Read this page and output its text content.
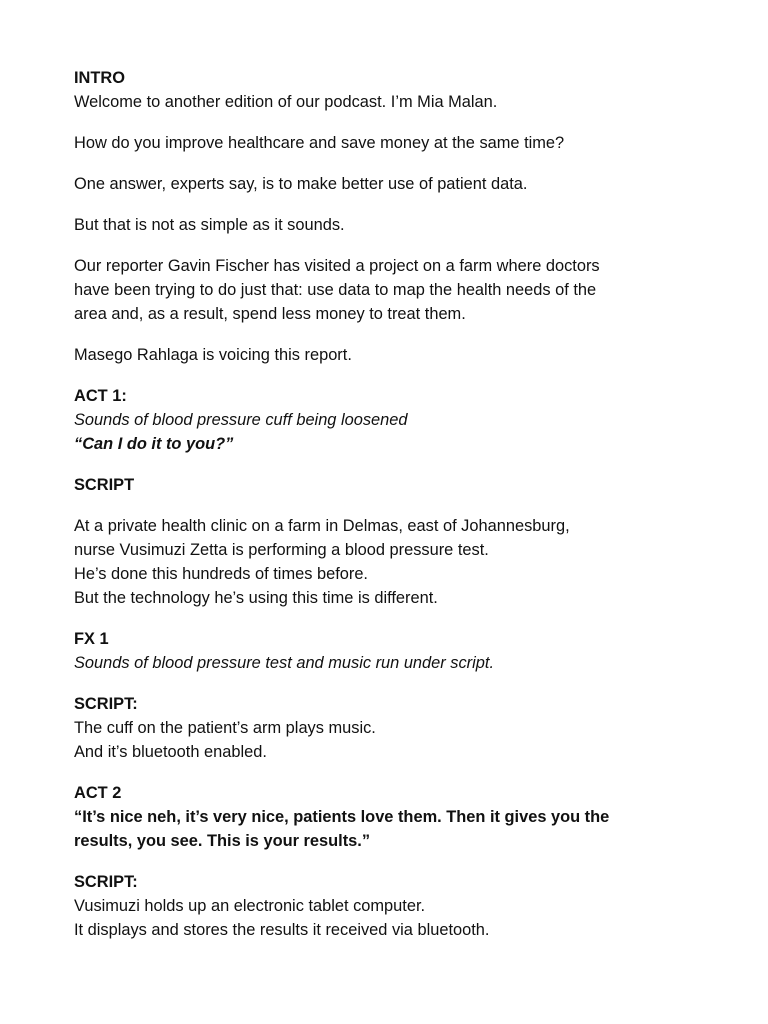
INTRO
Welcome to another edition of our podcast. I’m Mia Malan.
How do you improve healthcare and save money at the same time?
One answer, experts say, is to make better use of patient data.
But that is not as simple as it sounds.
Our reporter Gavin Fischer has visited a project on a farm where doctors
have been trying to do just that: use data to map the health needs of the
area and, as a result, spend less money to treat them.
Masego Rahlaga is voicing this report.
ACT 1:
Sounds of blood pressure cuff being loosened
“Can I do it to you?”
SCRIPT
At a private health clinic on a farm in Delmas, east of Johannesburg,
nurse Vusimuzi Zetta is performing a blood pressure test.
He’s done this hundreds of times before.
But the technology he’s using this time is different.
FX 1
Sounds of blood pressure test and music run under script.
SCRIPT:
The cuff on the patient’s arm plays music.
And it’s bluetooth enabled.
ACT 2
“It’s nice neh, it’s very nice, patients love them. Then it gives you the
results, you see. This is your results.”
SCRIPT:
Vusimuzi holds up an electronic tablet computer.
It displays and stores the results it received via bluetooth.
